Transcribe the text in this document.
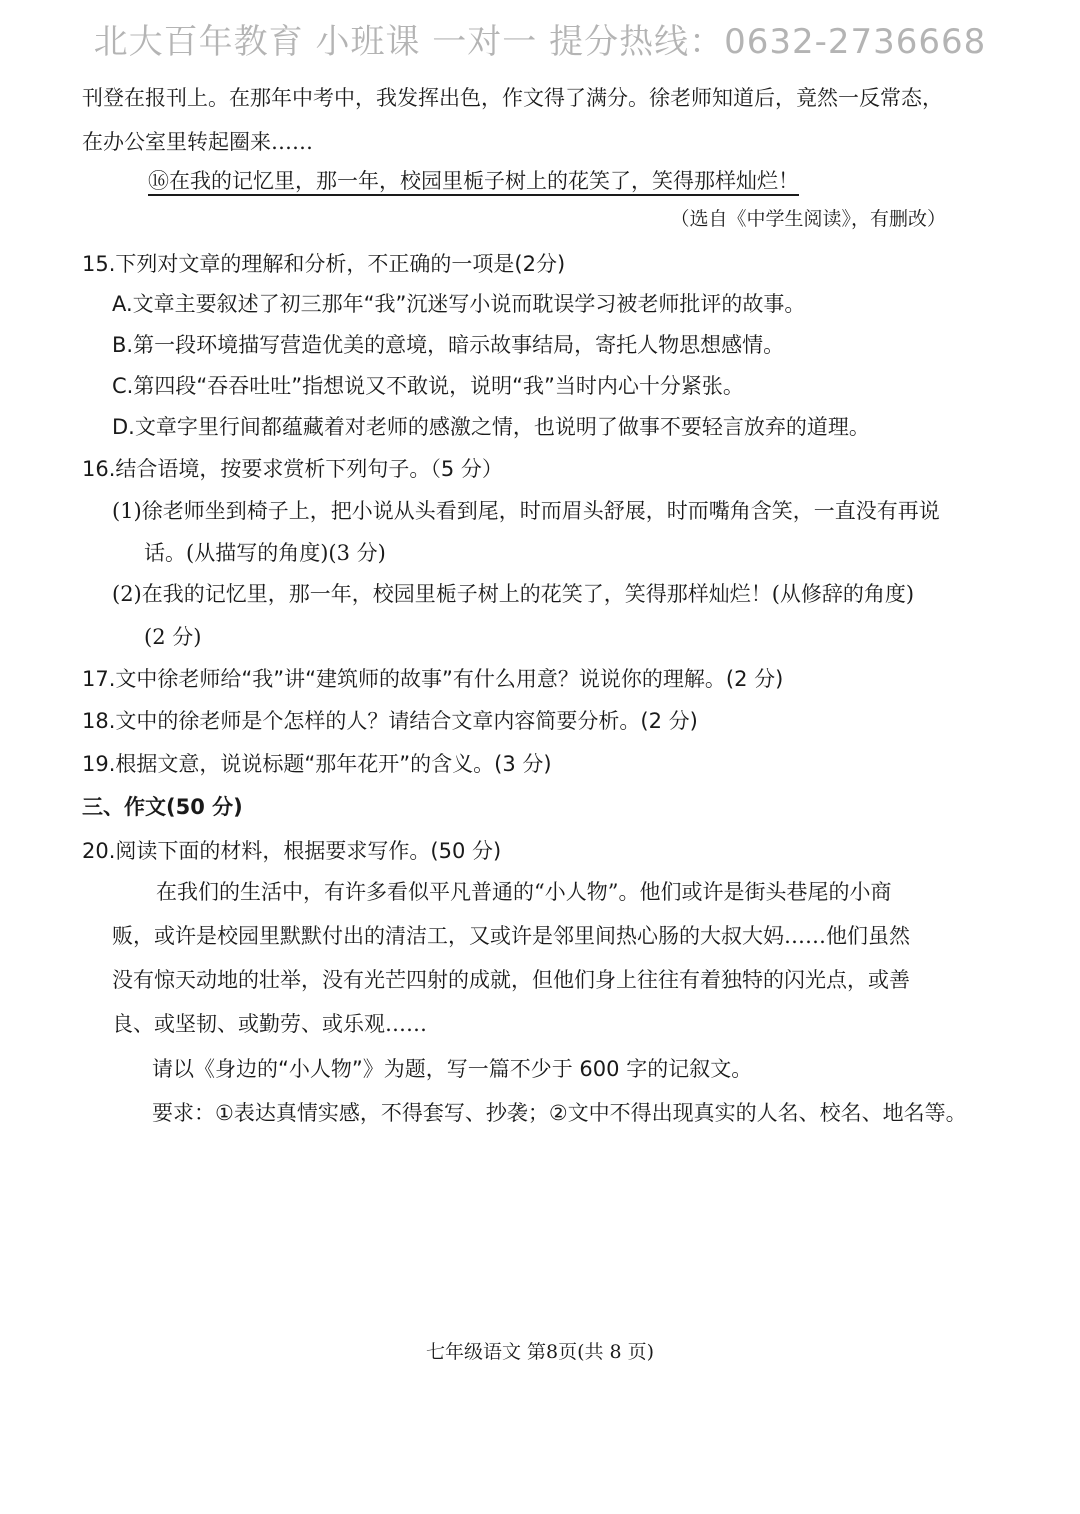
北大百年教育 小班课 一对一 提分热线：0632-2736668
刊登在报刊上。在那年中考中，我发挥出色，作文得了满分。徐老师知道后，竟然一反常态，
在办公室里转起圈来……
⑯在我的记忆里，那一年，校园里栀子树上的花笑了，笑得那样灿烂！
（选自《中学生阅读》，有删改）
15.下列对文章的理解和分析，不正确的一项是(2分)
A.文章主要叙述了初三那年“我”沉迷写小说而耽误学习被老师批评的故事。
B.第一段环境描写营造优美的意境，暗示故事结局，寄托人物思想感情。
C.第四段“吞吞吐吐”指想说又不敢说，说明“我”当时内心十分紧张。
D.文章字里行间都蕴藏着对老师的感激之情，也说明了做事不要轻言放弃的道理。
16.结合语境，按要求赏析下列句子。（5 分）
(1)徐老师坐到椅子上，把小说从头看到尾，时而眉头舒展，时而嘴角含笑，一直没有再说
话。(从描写的角度)(3 分)
(2)在我的记忆里，那一年，校园里栀子树上的花笑了，笑得那样灿烂！(从修辞的角度)
(2 分)
17.文中徐老师给“我”讲“建筑师的故事”有什么用意？说说你的理解。(2 分)
18.文中的徐老师是个怎样的人？请结合文章内容简要分析。(2 分)
19.根据文意，说说标题“那年花开”的含义。(3 分)
三、作文(50 分)
20.阅读下面的材料，根据要求写作。(50 分)
在我们的生活中，有许多看似平凡普通的“小人物”。他们或许是街头巷尾的小商
贩，或许是校园里默默付出的清洁工，又或许是邻里间热心肠的大叔大妈……他们虽然
没有惊天动地的壮举，没有光芒四射的成就，但他们身上往往有着独特的闪光点，或善
良、或坚韧、或勤劳、或乐观……
请以《身边的“小人物”》为题，写一篇不少于 600 字的记叙文。
要求：①表达真情实感，不得套写、抄袭；②文中不得出现真实的人名、校名、地名等。
七年级语文 第8页(共 8 页)
